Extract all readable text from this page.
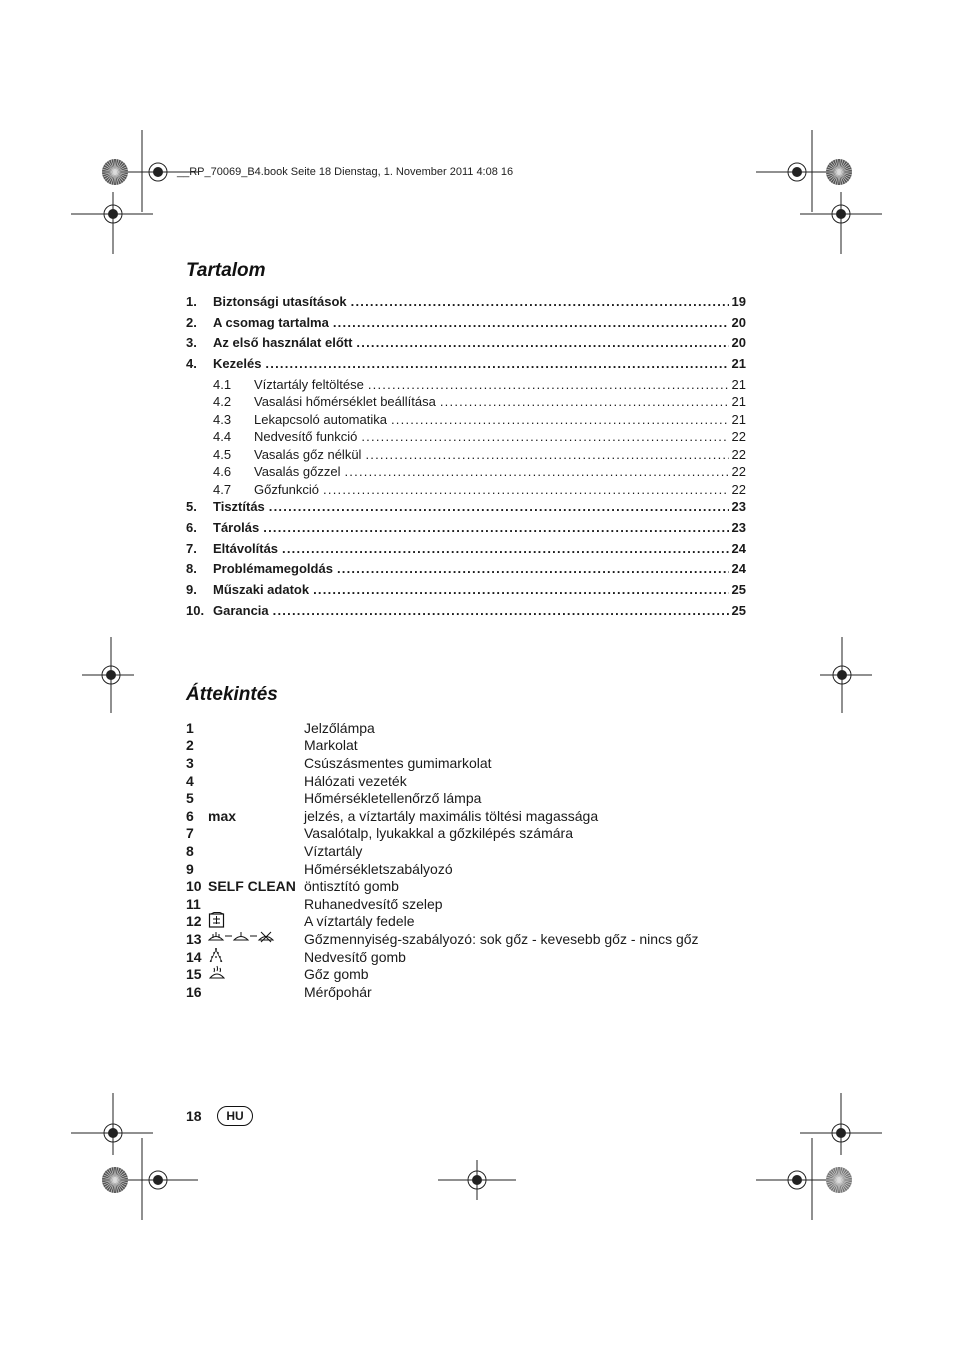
__RP_70069_B4.book Seite 18 Dienstag, 1. November 2011 4:08 16
Tartalom
1.	Biztonsági utasítások . . .	19
2.	A csomag tartalma . . .	20
3.	Az első használat előtt . . .	20
4.	Kezelés . . .	21
4.1	Víztartály feltöltése . . .	21
4.2	Vasalási hőmérséklet beállítása . . .	21
4.3	Lekapcsoló automatika . . .	21
4.4	Nedvesítő funkció . . .	22
4.5	Vasalás gőz nélkül . . .	22
4.6	Vasalás gőzzel . . .	22
4.7	Gőzfunkció . . .	22
5.	Tisztítás . . .	23
6.	Tárolás . . .	23
7.	Eltávolítás . . .	24
8.	Problémamegoldás . . .	24
9.	Műszaki adatok . . .	25
10. Garancia . . .	25
Áttekintés
1	Jelzőlámpa
2	Markolat
3	Csúszásmentes gumimarkolat
4	Hálózati vezeték
5	Hőmérsékletellenőrző lámpa
6	max	jelzés, a víztartály maximális töltési magassága
7	Vasalótalp, lyukakkal a gőzkilépés számára
8	Víztartály
9	Hőmérsékletszabályozó
10 SELF CLEAN öntisztító gomb
11	Ruhanedvesítő szelep
12	A víztartály fedele
13	Gőzmennyiség-szabályozó: sok gőz - kevesebb gőz - nincs gőz
14	Nedvesítő gomb
15	Gőz gomb
16	Mérőpohár
18	HU
